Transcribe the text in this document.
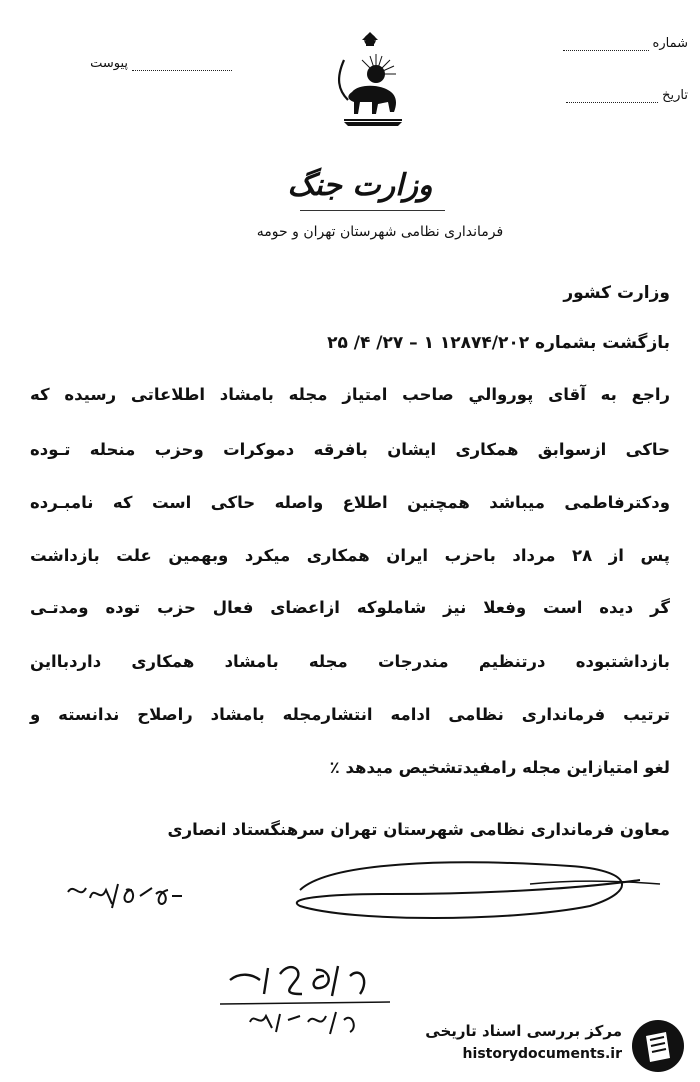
پیوست
شماره
تاریخ
وزارت جنگ
فرمانداری نظامی شهرستان تهران و حومه
وزارت کشور
بازگشت بشماره ۱۲۸۷۴/۲۰۲ ۱ – ۲۷/ ۴/ ۲۵
راجع به آقای پورواﻟﻲ صاحب امتیاز مجله بامشاد اطلاعاتی رسیده که
حاکی ازسوابق همکاری ایشان بافرقه دموکرات وحزب منحله تـوده
ودکترفاطمی میباشد همچنین اطلاع واصله حاکی است که نامبـرده
پس از ۲۸ مرداد باحزب ایران همکاری میکرد وبهمین علت بازداشت
گر دیده است وفعلا نیز شاملوکه ازاعضای فعال حزب توده ومدتـی
بازداشتبوده درتنظیم مندرجات مجله بامشاد همکاری داردبااین
ترتیب فرمانداری نظامی ادامه انتشارمجله بامشاد راصلاح ندانسته و
لغو امتیازاین مجله رامفیدتشخیص میدهد ٪
معاون فرمانداری نظامی شهرستان تهران سرهنگستاد انصاری
مرکز بررسی اسناد تاریخی
historydocuments.ir
